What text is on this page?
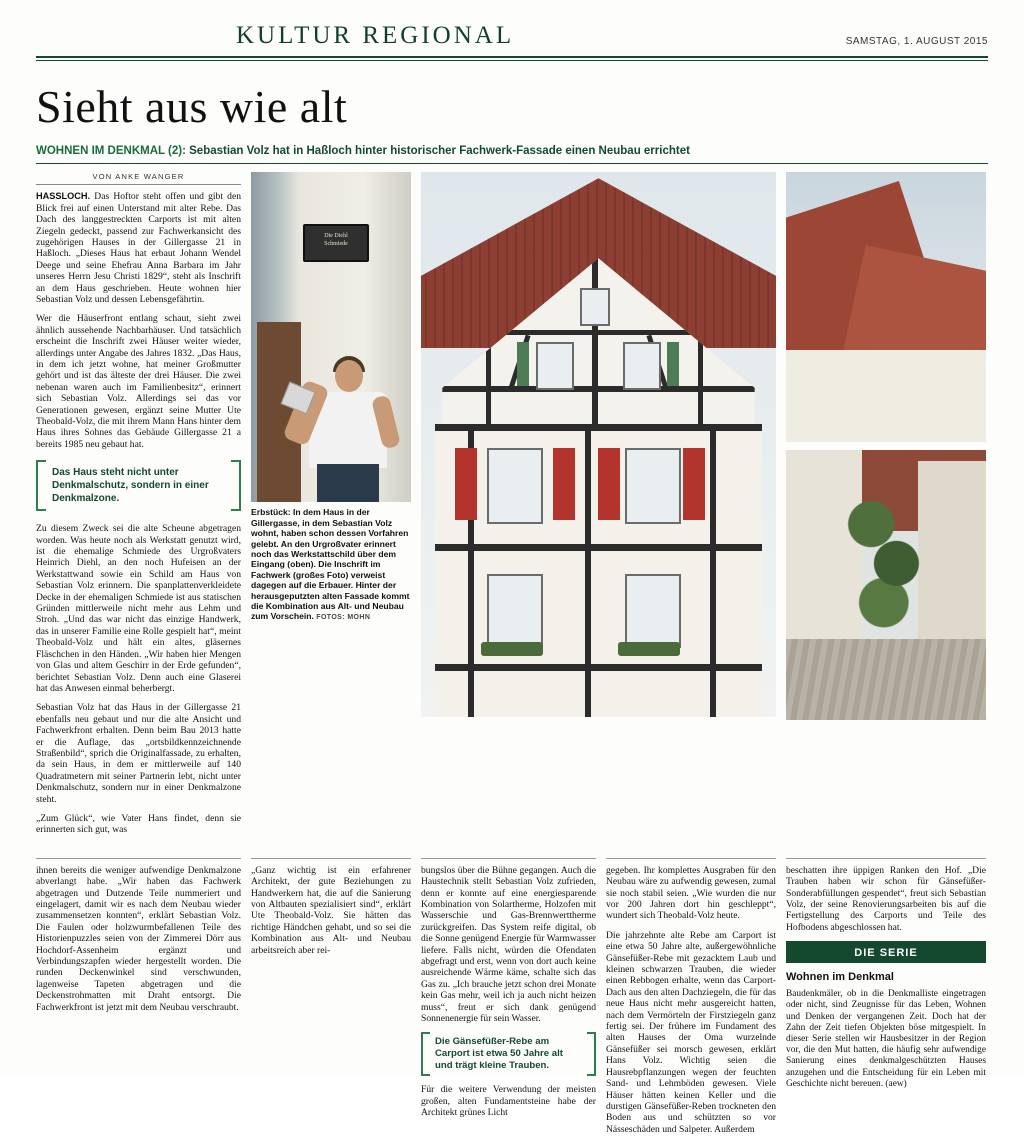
KULTUR REGIONAL	SAMSTAG, 1. AUGUST 2015
Sieht aus wie alt
WOHNEN IM DENKMAL (2): Sebastian Volz hat in Haßloch hinter historischer Fachwerk-Fassade einen Neubau errichtet
VON ANKE WANGER

HASSLOCH. Das Hoftor steht offen und gibt den Blick frei auf einen Unterstand mit alter Rebe. Das Dach des langgestreckten Carports ist mit alten Ziegeln gedeckt, passend zur Fachwerkansicht des zugehörigen Hauses in der Gillergasse 21 in Haßloch. „Dieses Haus hat erbaut Johann Wendel Deege und seine Ehefrau Anna Barbara im Jahr unseres Herrn Jesu Christi 1829“, steht als Inschrift an dem Haus geschrieben. Heute wohnen hier Sebastian Volz und dessen Lebensgefährtin.

Wer die Häuserfront entlang schaut, sieht zwei ähnlich aussehende Nachbarhäuser. Und tatsächlich erscheint die Inschrift zwei Häuser weiter wieder, allerdings unter Angabe des Jahres 1832. „Das Haus, in dem ich jetzt wohne, hat meiner Großmutter gehört und ist das älteste der drei Häuser. Die zwei nebenan waren auch im Familienbesitz“, erinnert sich Sebastian Volz. Allerdings sei das vor Generationen gewesen, ergänzt seine Mutter Ute Theobald-Volz, die mit ihrem Mann Hans hinter dem Haus ihres Sohnes das Gebäude Gillergasse 21 a bereits 1985 neu gebaut hat.

Das Haus steht nicht unter Denkmalschutz, sondern in einer Denkmalzone.

Zu diesem Zweck sei die alte Scheune abgetragen worden. Was heute noch als Werkstatt genutzt wird, ist die ehemalige Schmiede des Urgroßvaters Heinrich Diehl, an den noch Hufeisen an der Werkstattwand sowie ein Schild am Haus von Sebastian Volz erinnern. Die spanplattenverkleidete Decke in der ehemaligen Schmiede ist aus statischen Gründen mittlerweile nicht mehr aus Lehm und Stroh. „Und das war nicht das einzige Handwerk, das in unserer Familie eine Rolle gespielt hat“, meint Theobald-Volz und hält ein altes, gläsernes Fläschchen in den Händen. „Wir haben hier Mengen von Glas und altem Geschirr in der Erde gefunden“, berichtet Sebastian Volz. Denn auch eine Glaserei hat das Anwesen einmal beherbergt.

Sebastian Volz hat das Haus in der Gillergasse 21 ebenfalls neu gebaut und nur die alte Ansicht und Fachwerkfront erhalten. Denn beim Bau 2013 hatte er die Auflage, das „ortsbildkennzeichnende Straßenbild“, sprich die Originalfassade, zu erhalten, da sein Haus, in dem er mittlerweile auf 140 Quadratmetern mit seiner Partnerin lebt, nicht unter Denkmalschutz, sondern nur in einer Denkmalzone steht.

„Zum Glück“, wie Vater Hans findet, denn sie erinnerten sich gut, was

Die Diehl
Schmiede
Erbstück: In dem Haus in der Gillergasse, in dem Sebastian Volz wohnt, haben schon dessen Vorfahren gelebt. An den Urgroßvater erinnert noch das Werkstattschild über dem Eingang (oben). Die Inschrift im Fachwerk (großes Foto) verweist dagegen auf die Erbauer. Hinter der herausgeputzten alten Fassade kommt die Kombination aus Alt- und Neubau zum Vorschein. FOTOS: MOHN

ihnen bereits die weniger aufwendige Denkmalzone abverlangt habe. „Wir haben das Fachwerk abgetragen und Dutzende Teile nummeriert und eingelagert, damit wir es nach dem Neubau wieder zusammensetzen konnten“, erklärt Sebastian Volz. Die Faulen oder holzwurmbefallenen Teile des Historienpuzzles seien von der Zimmerei Dörr aus Hochdorf-Assenheim ergänzt und Verbindungszapfen wieder hergestellt worden. Die runden Deckenwinkel sind verschwunden, lagenweise Tapeten abgetragen und die Deckenstrohmatten mit Draht entsorgt. Die Fachwerkfront ist jetzt mit dem Neubau verschraubt.

„Ganz wichtig ist ein erfahrener Architekt, der gute Beziehungen zu Handwerkern hat, die auf die Sanierung von Altbauten spezialisiert sind“, erklärt Ute Theobald-Volz. Sie hätten das richtige Händchen gehabt, und so sei die Kombination aus Alt- und Neubau arbeitsreich aber rei-

bungslos über die Bühne gegangen. Auch die Haustechnik stellt Sebastian Volz zufrieden, denn er konnte auf eine energiesparende Kombination von Solartherme, Holzofen mit Wasserschie und Gas-Brennwerttherme zurückgreifen. Das System reife digital, ob die Sonne genügend Energie für Warmwasser liefere. Falls nicht, würden die Ofendaten abgefragt und erst, wenn von dort auch keine ausreichende Wärme käme, schalte sich das Gas zu. „Ich brauche jetzt schon drei Monate kein Gas mehr, weil ich ja auch nicht heizen muss“, freut er sich dank genügend Sonnenenergie für sein Wasser.

Die Gänsefüßer-Rebe am Carport ist etwa 50 Jahre alt und trägt kleine Trauben.

Für die weitere Verwendung der meisten großen, alten Fundamentsteine habe der Architekt grünes Licht

gegeben. Ihr komplettes Ausgraben für den Neubau wäre zu aufwendig gewesen, zumal sie noch stabil seien. „Wie wurden die nur vor 200 Jahren dort hin geschleppt“, wundert sich Theobald-Volz heute.

Die jahrzehnte alte Rebe am Carport ist eine etwa 50 Jahre alte, außergewöhnliche Gänsefüßer-Rebe mit gezacktem Laub und kleinen schwarzen Trauben, die wieder einen Rebbogen erhalte, wenn das Carport-Dach aus den alten Dachziegeln, die für das neue Haus nicht mehr ausgereicht hatten, nach dem Vermörteln der Firstziegeln ganz fertig sei. Der frühere im Fundament des alten Hauses der Oma wurzelnde Gänsefüßer sei morsch gewesen, erklärt Hans Volz. Wichtig seien die Hausrebpflanzungen wegen der feuchten Sand- und Lehmböden gewesen. Viele Häuser hätten keinen Keller und die durstigen Gänsefüßer-Reben trockneten den Boden aus und schützten so vor Nässeschäden und Salpeter. Außerdem

beschatten ihre üppigen Ranken den Hof. „Die Trauben haben wir schon für Gänsefüßer-Sonderabfüllungen gespendet“, freut sich Sebastian Volz, der seine Renovierungsarbeiten bis auf die Fertigstellung des Carports und Teile des Hofbodens abgeschlossen hat.

DIE SERIE
Wohnen im Denkmal

Baudenkmäler, ob in die Denkmalliste eingetragen oder nicht, sind Zeugnisse für das Leben, Wohnen und Denken der vergangenen Zeit. Doch hat der Zahn der Zeit tiefen Objekten böse mitgespielt. In dieser Serie stellen wir Hausbesitzer in der Region vor, die den Mut hatten, die häufig sehr aufwendige Sanierung eines denkmalgeschützten Hauses anzugehen und die Entscheidung für ein Leben mit Geschichte nicht bereuen. (aew)
